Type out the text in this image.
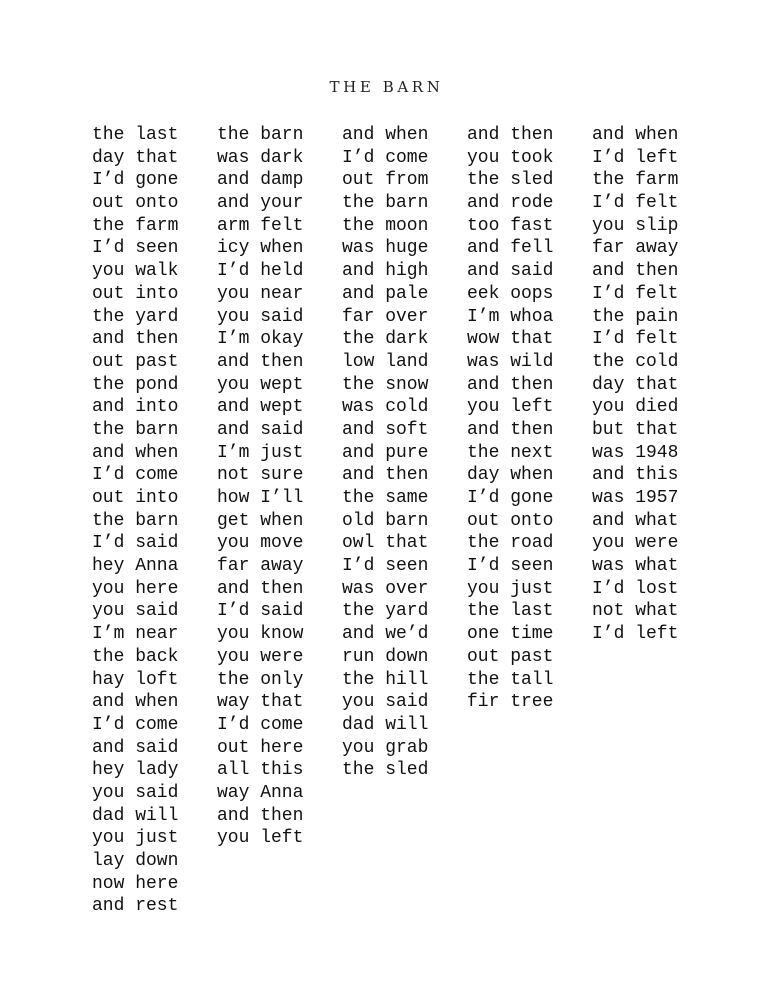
THE BARN
the last
day that
I’d gone
out onto
the farm
I’d seen
you walk
out into
the yard
and then
out past
the pond
and into
the barn
and when
I’d come
out into
the barn
I’d said
hey Anna
you here
you said
I’m near
the back
hay loft
and when
I’d come
and said
hey lady
you said
dad will
you just
lay down
now here
and rest
the barn
was dark
and damp
and your
arm felt
icy when
I’d held
you near
you said
I’m okay
and then
you wept
and wept
and said
I’m just
not sure
how I’ll
get when
you move
far away
and then
I’d said
you know
you were
the only
way that
I’d come
out here
all this
way Anna
and then
you left
and when
I’d come
out from
the barn
the moon
was huge
and high
and pale
far over
the dark
low land
the snow
was cold
and soft
and pure
and then
the same
old barn
owl that
I’d seen
was over
the yard
and we’d
run down
the hill
you said
dad will
you grab
the sled
and then
you took
the sled
and rode
too fast
and fell
and said
eek oops
I’m whoa
wow that
was wild
and then
you left
and then
the next
day when
I’d gone
out onto
the road
I’d seen
you just
the last
one time
out past
the tall
fir tree
and when
I’d left
the farm
I’d felt
you slip
far away
and then
I’d felt
the pain
I’d felt
the cold
day that
you died
but that
was 1948
and this
was 1957
and what
you were
was what
I’d lost
not what
I’d left
